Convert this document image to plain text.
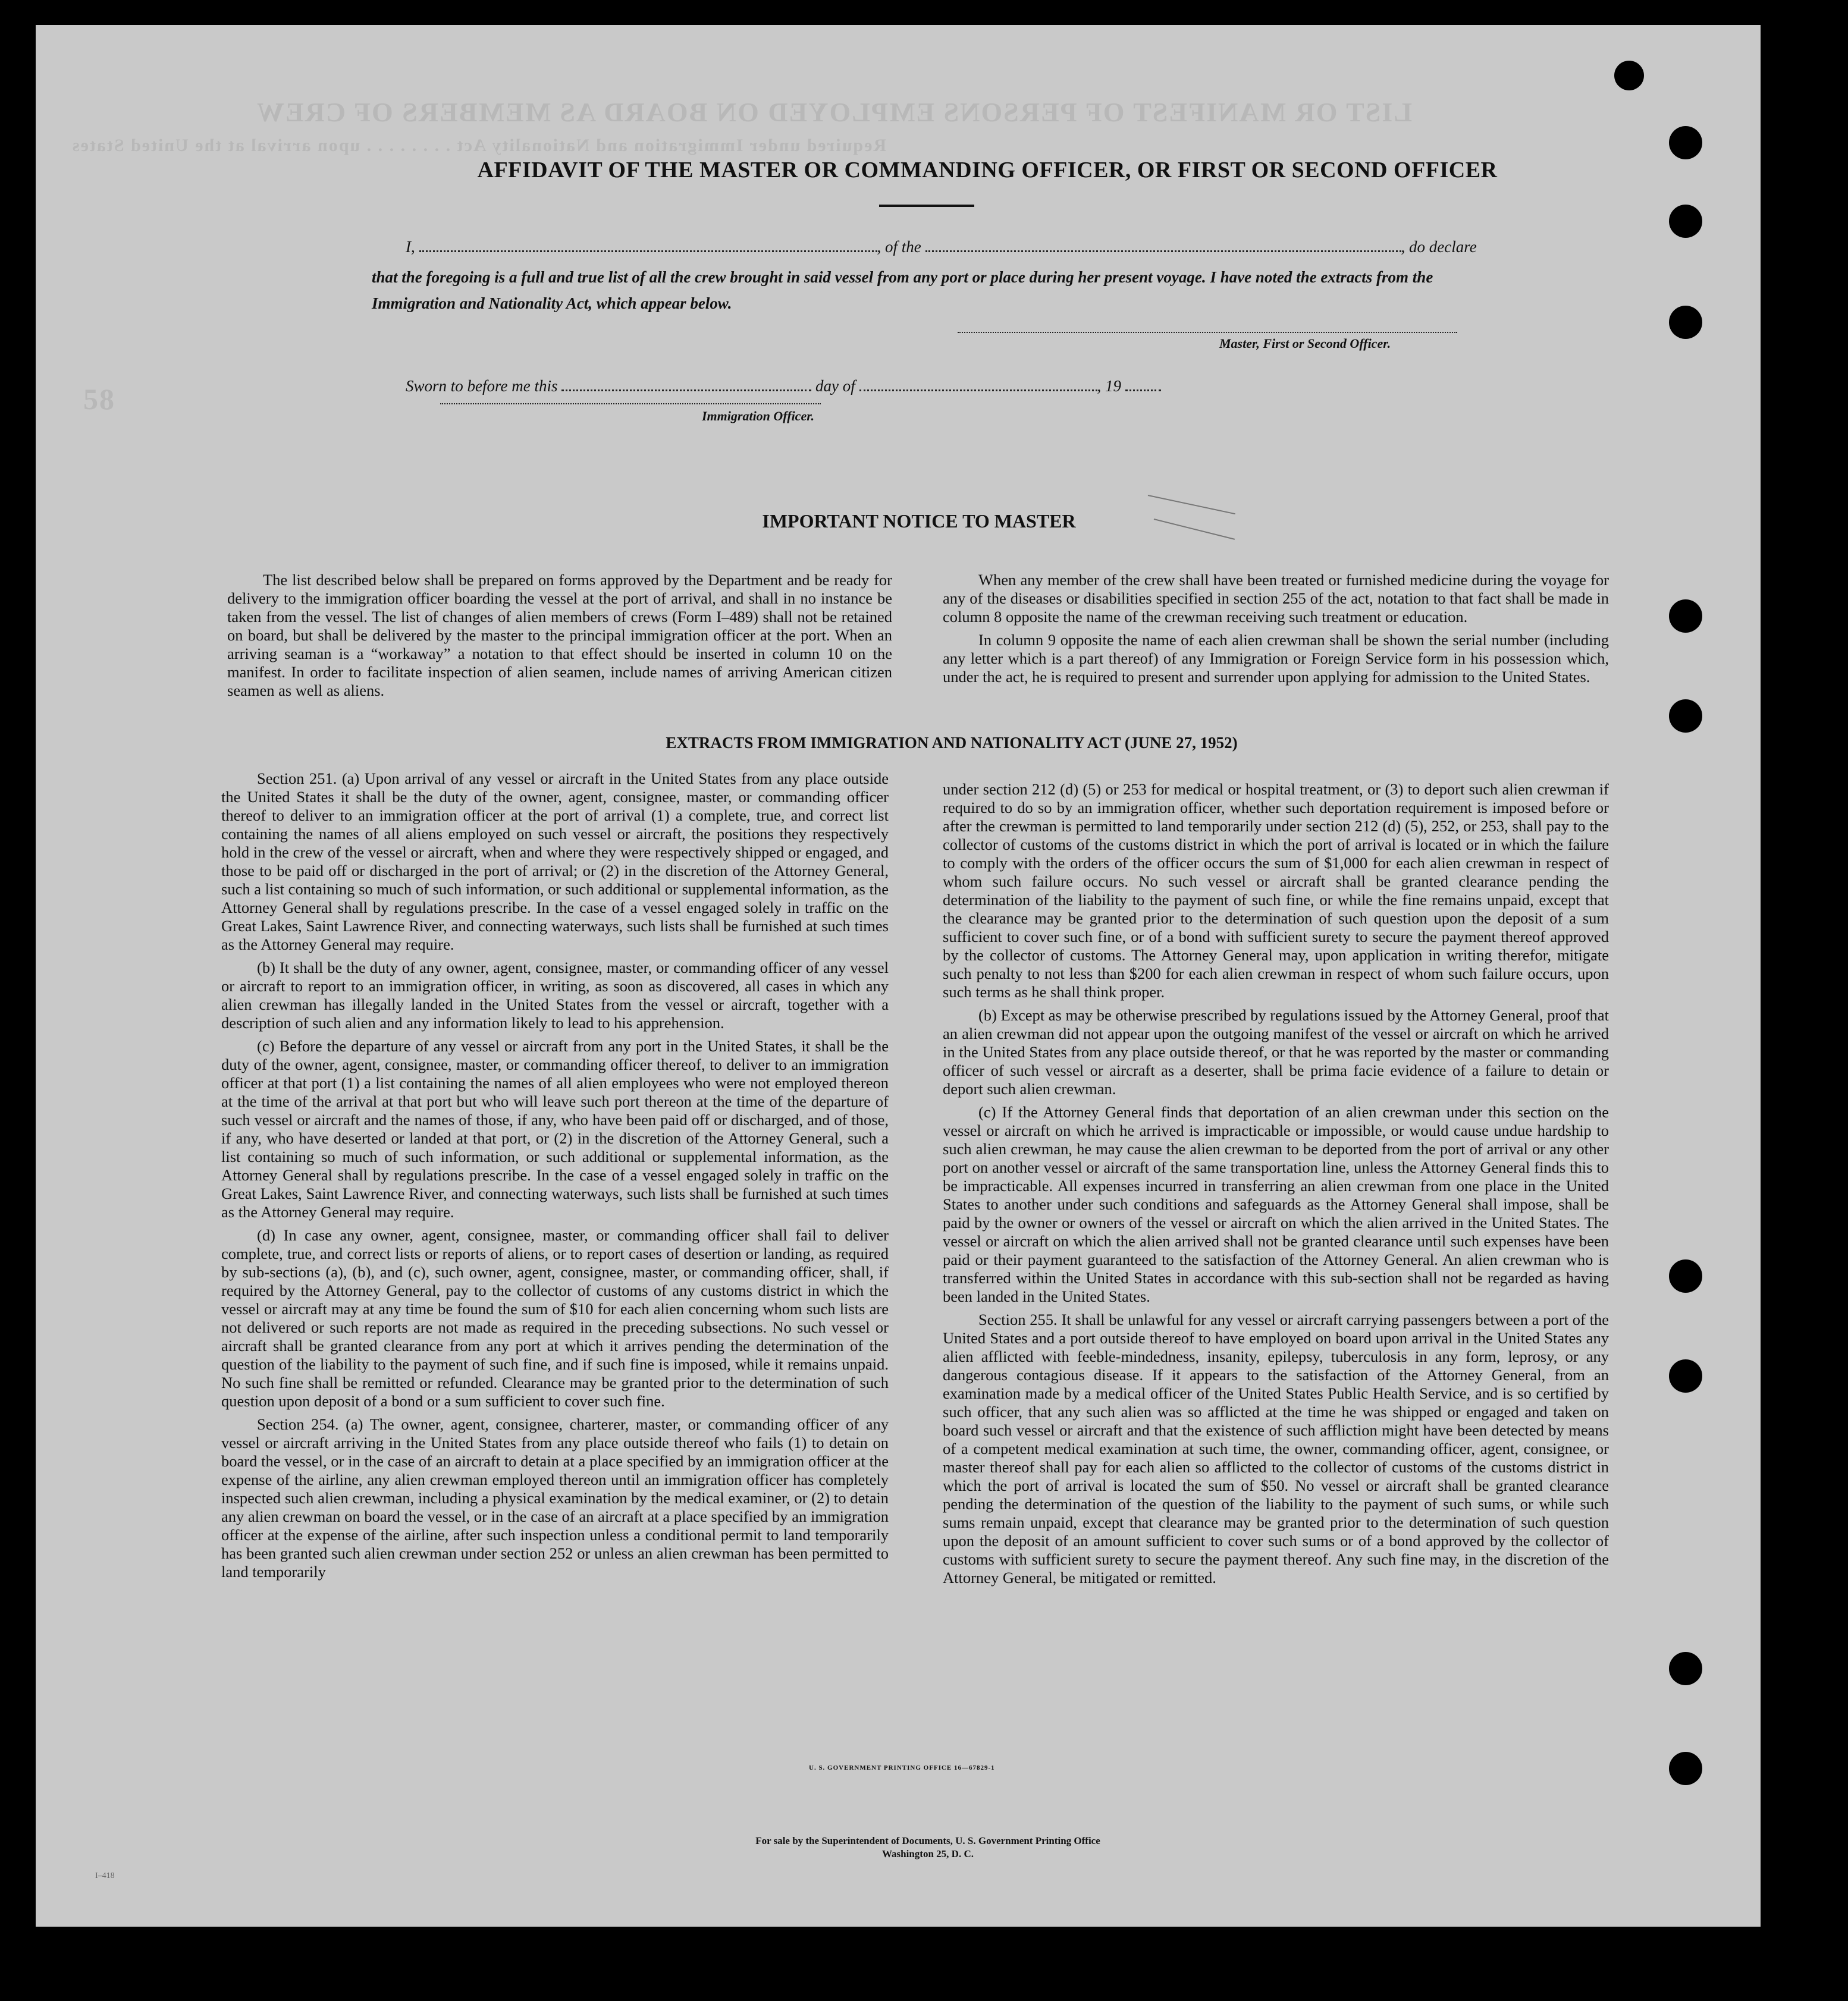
LIST OR MANIFEST OF PERSONS EMPLOYED ON BOARD AS MEMBERS OF CREW
Required under Immigration and Nationality Act . . . . . . . . upon arrival at the United States
58
AFFIDAVIT OF THE MASTER OR COMMANDING OFFICER, OR FIRST OR SECOND OFFICER
I,	, of the	, do declare
that the foregoing is a full and true list of all the crew brought in said vessel from any port or place during her present voyage. I have noted the extracts from the Immigration and Nationality Act, which appear below.
Master, First or Second Officer.
Sworn to before me this	day of	, 19
Immigration Officer.
IMPORTANT NOTICE TO MASTER

The list described below shall be prepared on forms approved by the Department and be ready for delivery to the immigration officer boarding the vessel at the port of arrival, and shall in no instance be taken from the vessel. The list of changes of alien members of crews (Form I–489) shall not be retained on board, but shall be delivered by the master to the principal immigration officer at the port. When an arriving seaman is a “workaway” a notation to that effect should be inserted in column 10 on the manifest. In order to facilitate inspection of alien seamen, include names of arriving American citizen seamen as well as aliens.

When any member of the crew shall have been treated or furnished medicine during the voyage for any of the diseases or disabilities specified in section 255 of the act, notation to that fact shall be made in column 8 opposite the name of the crewman receiving such treatment or education.

In column 9 opposite the name of each alien crewman shall be shown the serial number (including any letter which is a part thereof) of any Immigration or Foreign Service form in his possession which, under the act, he is required to present and surrender upon applying for admission to the United States.

EXTRACTS FROM IMMIGRATION AND NATIONALITY ACT (JUNE 27, 1952)

Section 251. (a) Upon arrival of any vessel or aircraft in the United States from any place outside the United States it shall be the duty of the owner, agent, consignee, master, or commanding officer thereof to deliver to an immigration officer at the port of arrival (1) a complete, true, and correct list containing the names of all aliens employed on such vessel or aircraft, the positions they respectively hold in the crew of the vessel or aircraft, when and where they were respectively shipped or engaged, and those to be paid off or discharged in the port of arrival; or (2) in the discretion of the Attorney General, such a list containing so much of such information, or such additional or supplemental information, as the Attorney General shall by regulations prescribe. In the case of a vessel engaged solely in traffic on the Great Lakes, Saint Lawrence River, and connecting waterways, such lists shall be furnished at such times as the Attorney General may require.

(b) It shall be the duty of any owner, agent, consignee, master, or commanding officer of any vessel or aircraft to report to an immigration officer, in writing, as soon as discovered, all cases in which any alien crewman has illegally landed in the United States from the vessel or aircraft, together with a description of such alien and any information likely to lead to his apprehension.

(c) Before the departure of any vessel or aircraft from any port in the United States, it shall be the duty of the owner, agent, consignee, master, or commanding officer thereof, to deliver to an immigration officer at that port (1) a list containing the names of all alien employees who were not employed thereon at the time of the arrival at that port but who will leave such port thereon at the time of the departure of such vessel or aircraft and the names of those, if any, who have been paid off or discharged, and of those, if any, who have deserted or landed at that port, or (2) in the discretion of the Attorney General, such a list containing so much of such information, or such additional or supplemental information, as the Attorney General shall by regulations prescribe. In the case of a vessel engaged solely in traffic on the Great Lakes, Saint Lawrence River, and connecting waterways, such lists shall be furnished at such times as the Attorney General may require.

(d) In case any owner, agent, consignee, master, or commanding officer shall fail to deliver complete, true, and correct lists or reports of aliens, or to report cases of desertion or landing, as required by sub-sections (a), (b), and (c), such owner, agent, consignee, master, or commanding officer, shall, if required by the Attorney General, pay to the collector of customs of any customs district in which the vessel or aircraft may at any time be found the sum of $10 for each alien concerning whom such lists are not delivered or such reports are not made as required in the preceding subsections. No such vessel or aircraft shall be granted clearance from any port at which it arrives pending the determination of the question of the liability to the payment of such fine, and if such fine is imposed, while it remains unpaid. No such fine shall be remitted or refunded. Clearance may be granted prior to the determination of such question upon deposit of a bond or a sum sufficient to cover such fine.

Section 254. (a) The owner, agent, consignee, charterer, master, or commanding officer of any vessel or aircraft arriving in the United States from any place outside thereof who fails (1) to detain on board the vessel, or in the case of an aircraft to detain at a place specified by an immigration officer at the expense of the airline, any alien crewman employed thereon until an immigration officer has completely inspected such alien crewman, including a physical examination by the medical examiner, or (2) to detain any alien crewman on board the vessel, or in the case of an aircraft at a place specified by an immigration officer at the expense of the airline, after such inspection unless a conditional permit to land temporarily has been granted such alien crewman under section 252 or unless an alien crewman has been permitted to land temporarily

under section 212 (d) (5) or 253 for medical or hospital treatment, or (3) to deport such alien crewman if required to do so by an immigration officer, whether such deportation requirement is imposed before or after the crewman is permitted to land temporarily under section 212 (d) (5), 252, or 253, shall pay to the collector of customs of the customs district in which the port of arrival is located or in which the failure to comply with the orders of the officer occurs the sum of $1,000 for each alien crewman in respect of whom such failure occurs. No such vessel or aircraft shall be granted clearance pending the determination of the liability to the payment of such fine, or while the fine remains unpaid, except that the clearance may be granted prior to the determination of such question upon the deposit of a sum sufficient to cover such fine, or of a bond with sufficient surety to secure the payment thereof approved by the collector of customs. The Attorney General may, upon application in writing therefor, mitigate such penalty to not less than $200 for each alien crewman in respect of whom such failure occurs, upon such terms as he shall think proper.

(b) Except as may be otherwise prescribed by regulations issued by the Attorney General, proof that an alien crewman did not appear upon the outgoing manifest of the vessel or aircraft on which he arrived in the United States from any place outside thereof, or that he was reported by the master or commanding officer of such vessel or aircraft as a deserter, shall be prima facie evidence of a failure to detain or deport such alien crewman.

(c) If the Attorney General finds that deportation of an alien crewman under this section on the vessel or aircraft on which he arrived is impracticable or impossible, or would cause undue hardship to such alien crewman, he may cause the alien crewman to be deported from the port of arrival or any other port on another vessel or aircraft of the same transportation line, unless the Attorney General finds this to be impracticable. All expenses incurred in transferring an alien crewman from one place in the United States to another under such conditions and safeguards as the Attorney General shall impose, shall be paid by the owner or owners of the vessel or aircraft on which the alien arrived in the United States. The vessel or aircraft on which the alien arrived shall not be granted clearance until such expenses have been paid or their payment guaranteed to the satisfaction of the Attorney General. An alien crewman who is transferred within the United States in accordance with this sub-section shall not be regarded as having been landed in the United States.

Section 255. It shall be unlawful for any vessel or aircraft carrying passengers between a port of the United States and a port outside thereof to have employed on board upon arrival in the United States any alien afflicted with feeble-mindedness, insanity, epilepsy, tuberculosis in any form, leprosy, or any dangerous contagious disease. If it appears to the satisfaction of the Attorney General, from an examination made by a medical officer of the United States Public Health Service, and is so certified by such officer, that any such alien was so afflicted at the time he was shipped or engaged and taken on board such vessel or aircraft and that the existence of such affliction might have been detected by means of a competent medical examination at such time, the owner, commanding officer, agent, consignee, or master thereof shall pay for each alien so afflicted to the collector of customs of the customs district in which the port of arrival is located the sum of $50. No vessel or aircraft shall be granted clearance pending the determination of the question of the liability to the payment of such sums, or while such sums remain unpaid, except that clearance may be granted prior to the determination of such question upon the deposit of an amount sufficient to cover such sums or of a bond approved by the collector of customs with sufficient surety to secure the payment thereof. Any such fine may, in the discretion of the Attorney General, be mitigated or remitted.

U. S. GOVERNMENT PRINTING OFFICE 16—67829-1
For sale by the Superintendent of Documents, U. S. Government Printing Office
Washington 25, D. C.
I–418
